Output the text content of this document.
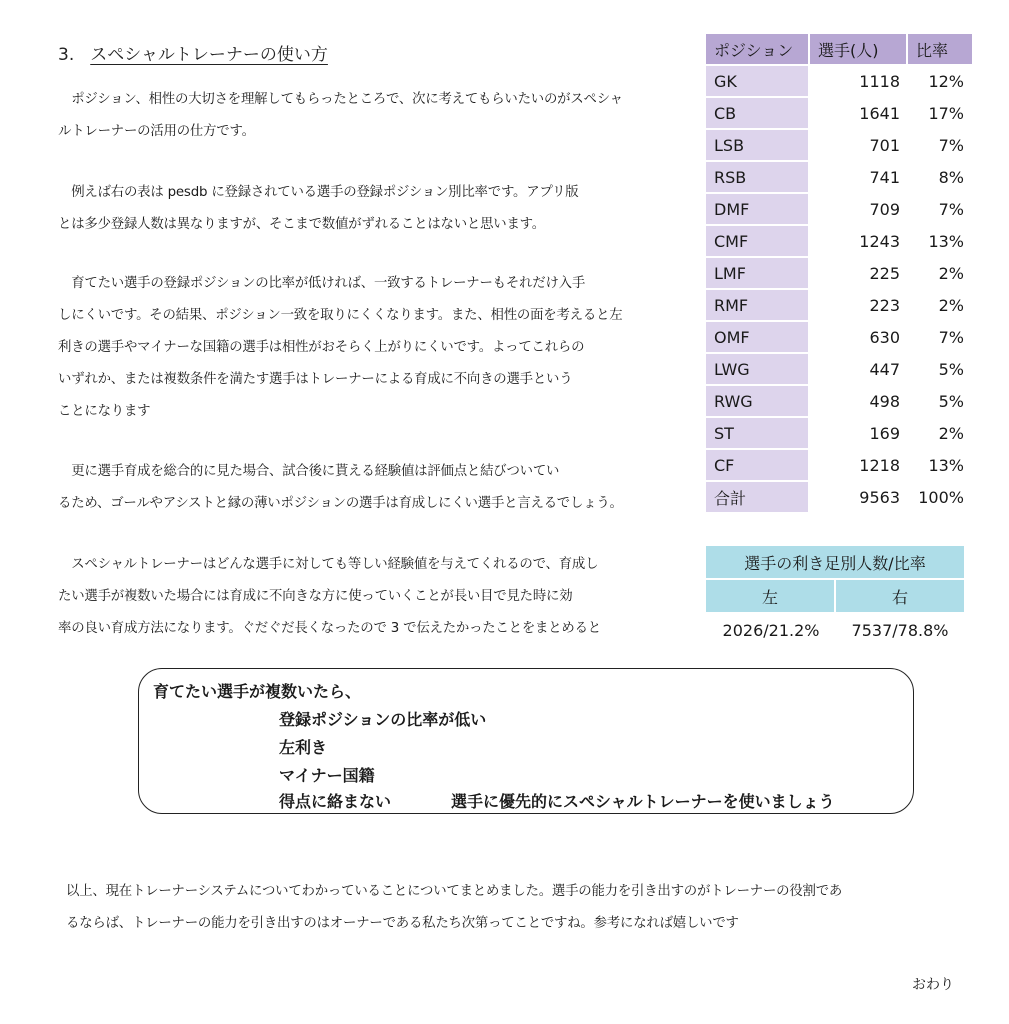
3. スペシャルトレーナーの使い方

　ポジション、相性の大切さを理解してもらったところで、次に考えてもらいたいのがスペシャ
ルトレーナーの活用の仕方です。

　例えば右の表は pesdb に登録されている選手の登録ポジション別比率です。アプリ版
とは多少登録人数は異なりますが、そこまで数値がずれることはないと思います。

　育てたい選手の登録ポジションの比率が低ければ、一致するトレーナーもそれだけ入手
しにくいです。その結果、ポジション一致を取りにくくなります。また、相性の面を考えると左
利きの選手やマイナーな国籍の選手は相性がおそらく上がりにくいです。よってこれらの
いずれか、または複数条件を満たす選手はトレーナーによる育成に不向きの選手という
ことになります

　更に選手育成を総合的に見た場合、試合後に貰える経験値は評価点と結びついてい
るため、ゴールやアシストと縁の薄いポジションの選手は育成しにくい選手と言えるでしょう。

　スペシャルトレーナーはどんな選手に対しても等しい経験値を与えてくれるので、育成し
たい選手が複数いた場合には育成に不向きな方に使っていくことが長い目で見た時に効
率の良い育成方法になります。ぐだぐだ長くなったので 3 で伝えたかったことをまとめると

ポジション	選手(人)	比率
GK	1118	12%
CB	1641	17%
LSB	701	7%
RSB	741	8%
DMF	709	7%
CMF	1243	13%
LMF	225	2%
RMF	223	2%
OMF	630	7%
LWG	447	5%
RWG	498	5%
ST	169	2%
CF	1218	13%
合計	9563	100%
選手の利き足別人数/比率	
左	右
2026/21.2%	7537/78.8%
育てたい選手が複数いたら、
登録ポジションの比率が低い
左利き
マイナー国籍
得点に絡まない	選手に優先的にスペシャルトレーナーを使いましょう

以上、現在トレーナーシステムについてわかっていることについてまとめました。選手の能力を引き出すのがトレーナーの役割であ
るならば、トレーナーの能力を引き出すのはオーナーである私たち次第ってことですね。参考になれば嬉しいです

おわり
